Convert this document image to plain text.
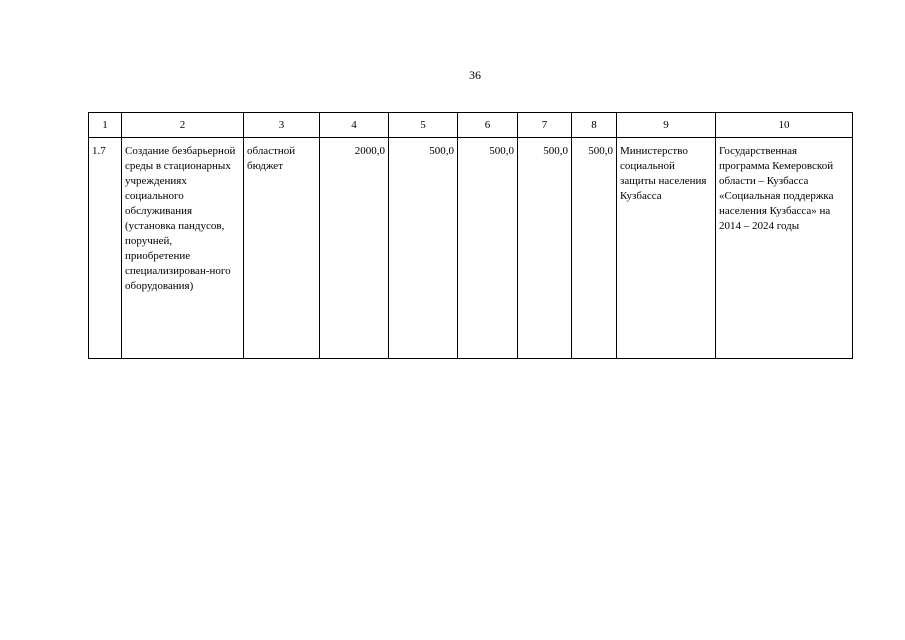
36
1	2	3	4	5	6	7	8	9	10
1.7	Создание безбарьерной среды в стационарных учреждениях социального обслуживания (установка пандусов, поручней, приобретение специализирован-ного оборудования)	областной бюджет	2000,0	500,0	500,0	500,0	500,0	Министерство социальной защиты населения Кузбасса	Государственная программа Кемеровской области – Кузбасса «Социальная поддержка населения Кузбасса» на 2014 – 2024 годы
